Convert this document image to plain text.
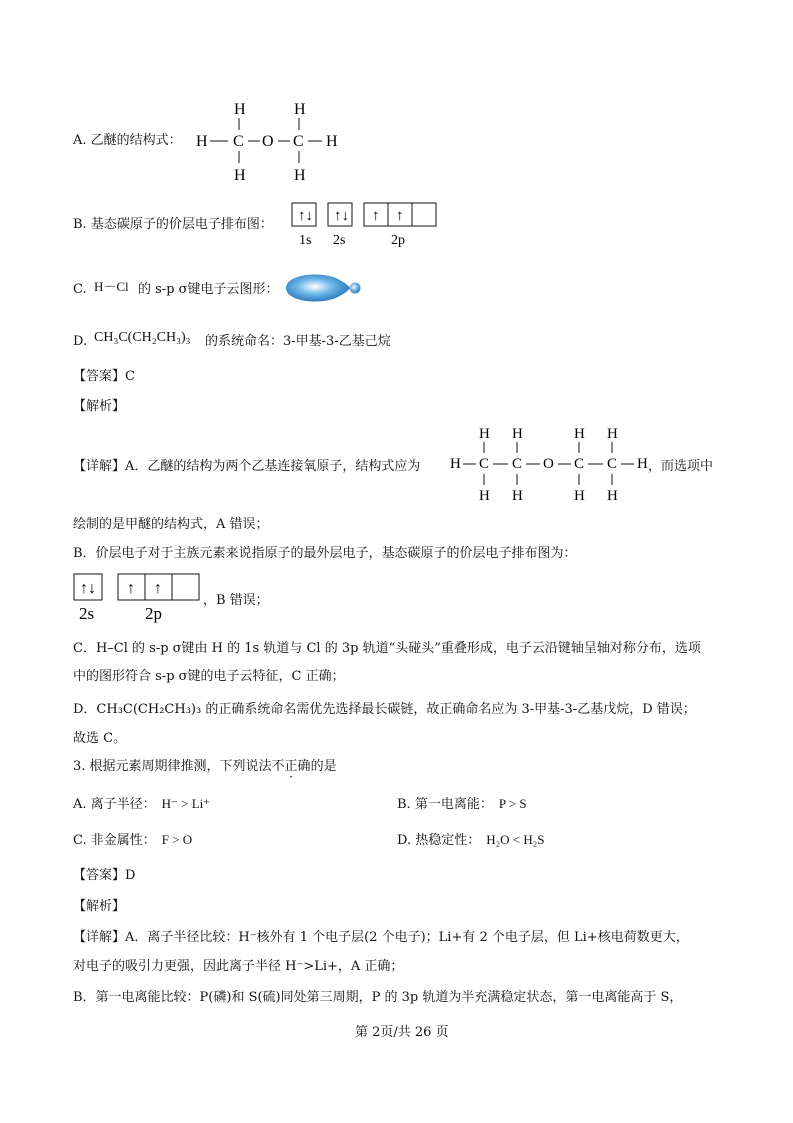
A. 乙醚的结构式：
H	H
H C O C H
H	H
B. 基态碳原子的价层电子排布图：
↑↓ ↑↓ ↑ ↑
1s 2s	2p
C. H－Cl 的 s-p σ键电子云图形：
D. CH₃C(CH₂CH₃)₃ 的系统命名：3-甲基-3-乙基己烷
【答案】C
【解析】
【详解】A．乙醚的结构为两个乙基连接氧原子，结构式应为
H H	H H
H C C O C C H
H H	H H
，而选项中
绘制的是甲醚的结构式，A 错误；
B．价层电子对于主族元素来说指原子的最外层电子，基态碳原子的价层电子排布图为：
↑↓ ↑ ↑
2s	2p
，B 错误；
C．H–Cl 的 s-p σ键由 H 的 1s 轨道与 Cl 的 3p 轨道“头碰头”重叠形成，电子云沿键轴呈轴对称分布，选项
中的图形符合 s-p σ键的电子云特征，C 正确；
D．CH₃C(CH₂CH₃)₃ 的正确系统命名需优先选择最长碳链，故正确命名应为 3-甲基-3-乙基戊烷，D 错误；
故选 C。
3. 根据元素周期律推测，下列说法不正确的是
A. 离子半径： H⁻ > Li⁺	B. 第一电离能： P > S
C. 非金属性： F > O	D. 热稳定性： H₂O < H₂S
【答案】D
【解析】
【详解】A．离子半径比较：H⁻核外有 1 个电子层(2 个电子)；Li+有 2 个电子层，但 Li+核电荷数更大，
对电子的吸引力更强，因此离子半径 H⁻>Li+，A 正确；
B．第一电离能比较：P(磷)和 S(硫)同处第三周期，P 的 3p 轨道为半充满稳定状态，第一电离能高于 S，
第 2页/共 26 页
